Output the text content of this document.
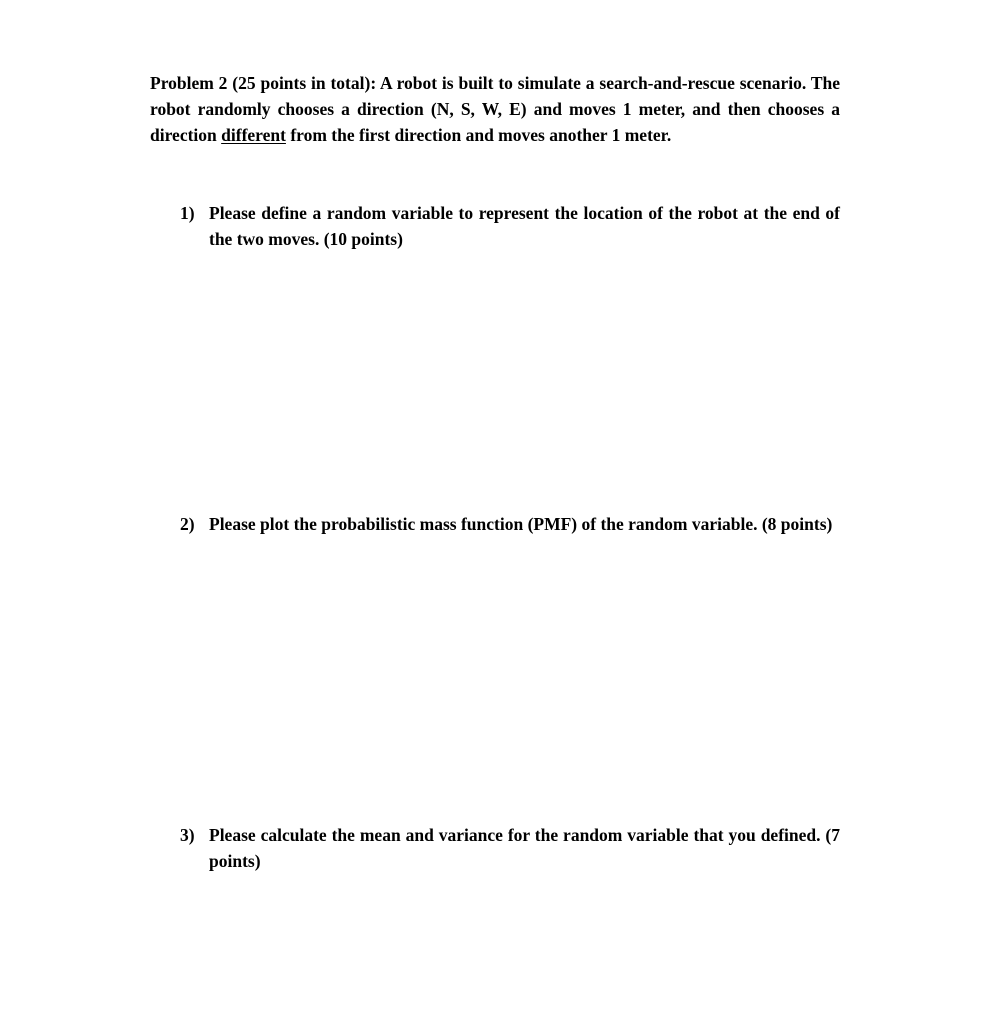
Problem 2 (25 points in total): A robot is built to simulate a search-and-rescue scenario. The robot randomly chooses a direction (N, S, W, E) and moves 1 meter, and then chooses a direction different from the first direction and moves another 1 meter.

1) Please define a random variable to represent the location of the robot at the end of the two moves. (10 points)
2) Please plot the probabilistic mass function (PMF) of the random variable. (8 points)
3) Please calculate the mean and variance for the random variable that you defined. (7 points)
